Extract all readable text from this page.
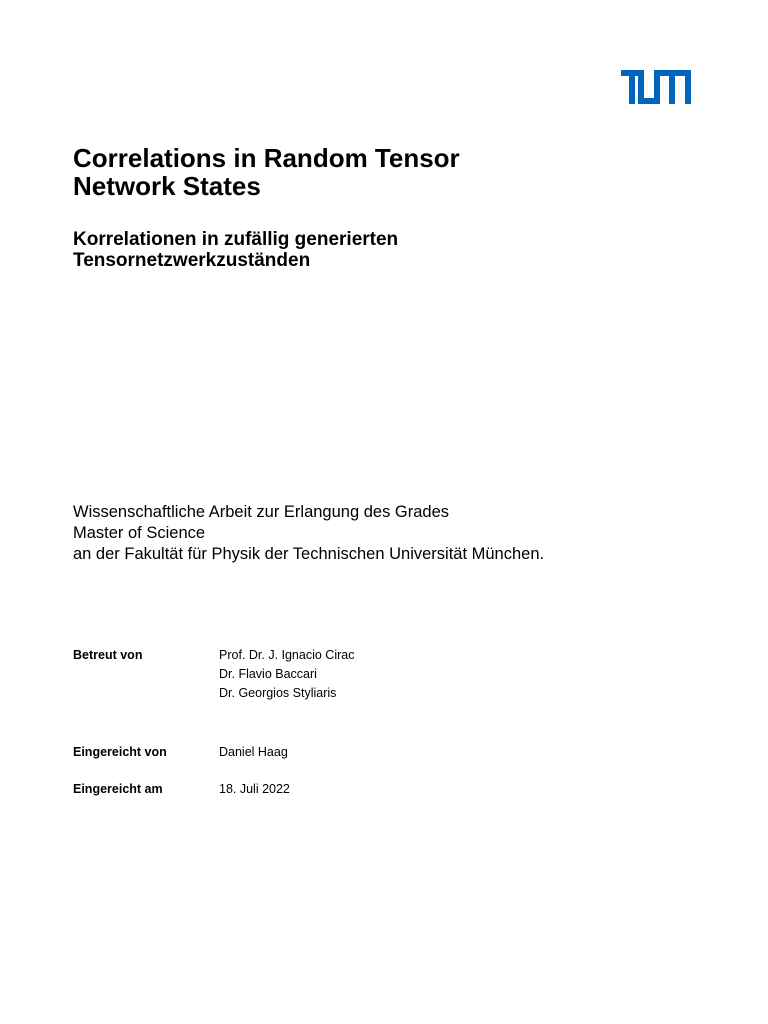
Correlations in Random Tensor
Network States
Korrelationen in zufällig generierten
Tensornetzwerkzuständen
Wissenschaftliche Arbeit zur Erlangung des Grades
Master of Science
an der Fakultät für Physik der Technischen Universität München.
Betreut von	Prof. Dr. J. Ignacio Cirac
Dr. Flavio Baccari
Dr. Georgios Styliaris
Eingereicht von	Daniel Haag
Eingereicht am	18. Juli 2022
